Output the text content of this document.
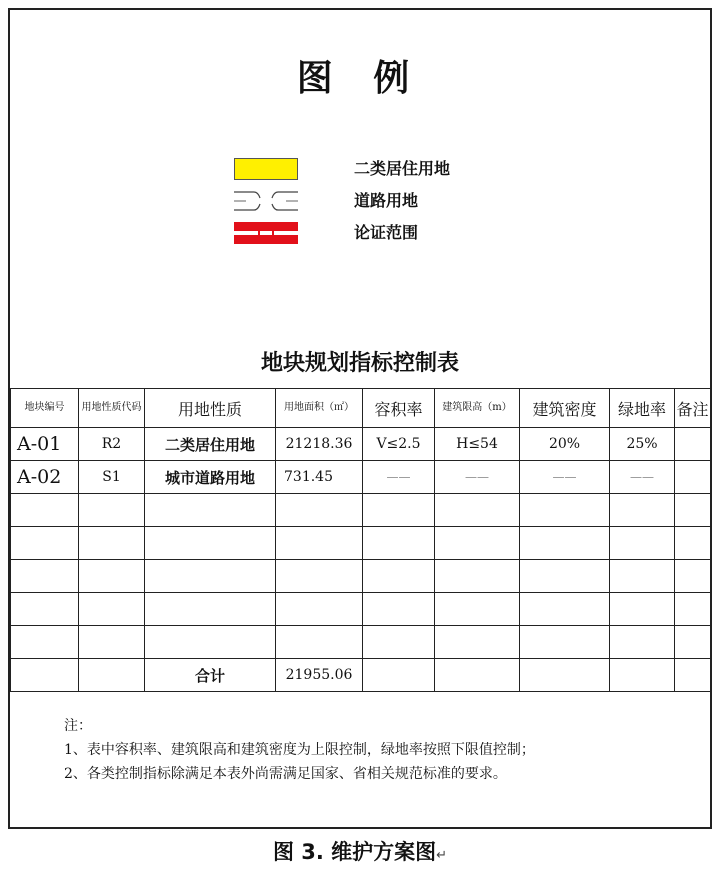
图 例
二类居住用地
道路用地
论证范围
地块规划指标控制表
地块编号	用地性质代码	用地性质	用地面积（㎡）	容积率	建筑限高（m）	建筑密度	绿地率	备注
A-01	R2	二类居住用地	21218.36	V≤2.5	H≤54	20%	25%	
A-02	S1	城市道路用地	731.45	——	——	——	——	

		合计	21955.06					
注：
1、表中容积率、建筑限高和建筑密度为上限控制，绿地率按照下限值控制；
2、各类控制指标除满足本表外尚需满足国家、省相关规范标准的要求。
图 3. 维护方案图↵
